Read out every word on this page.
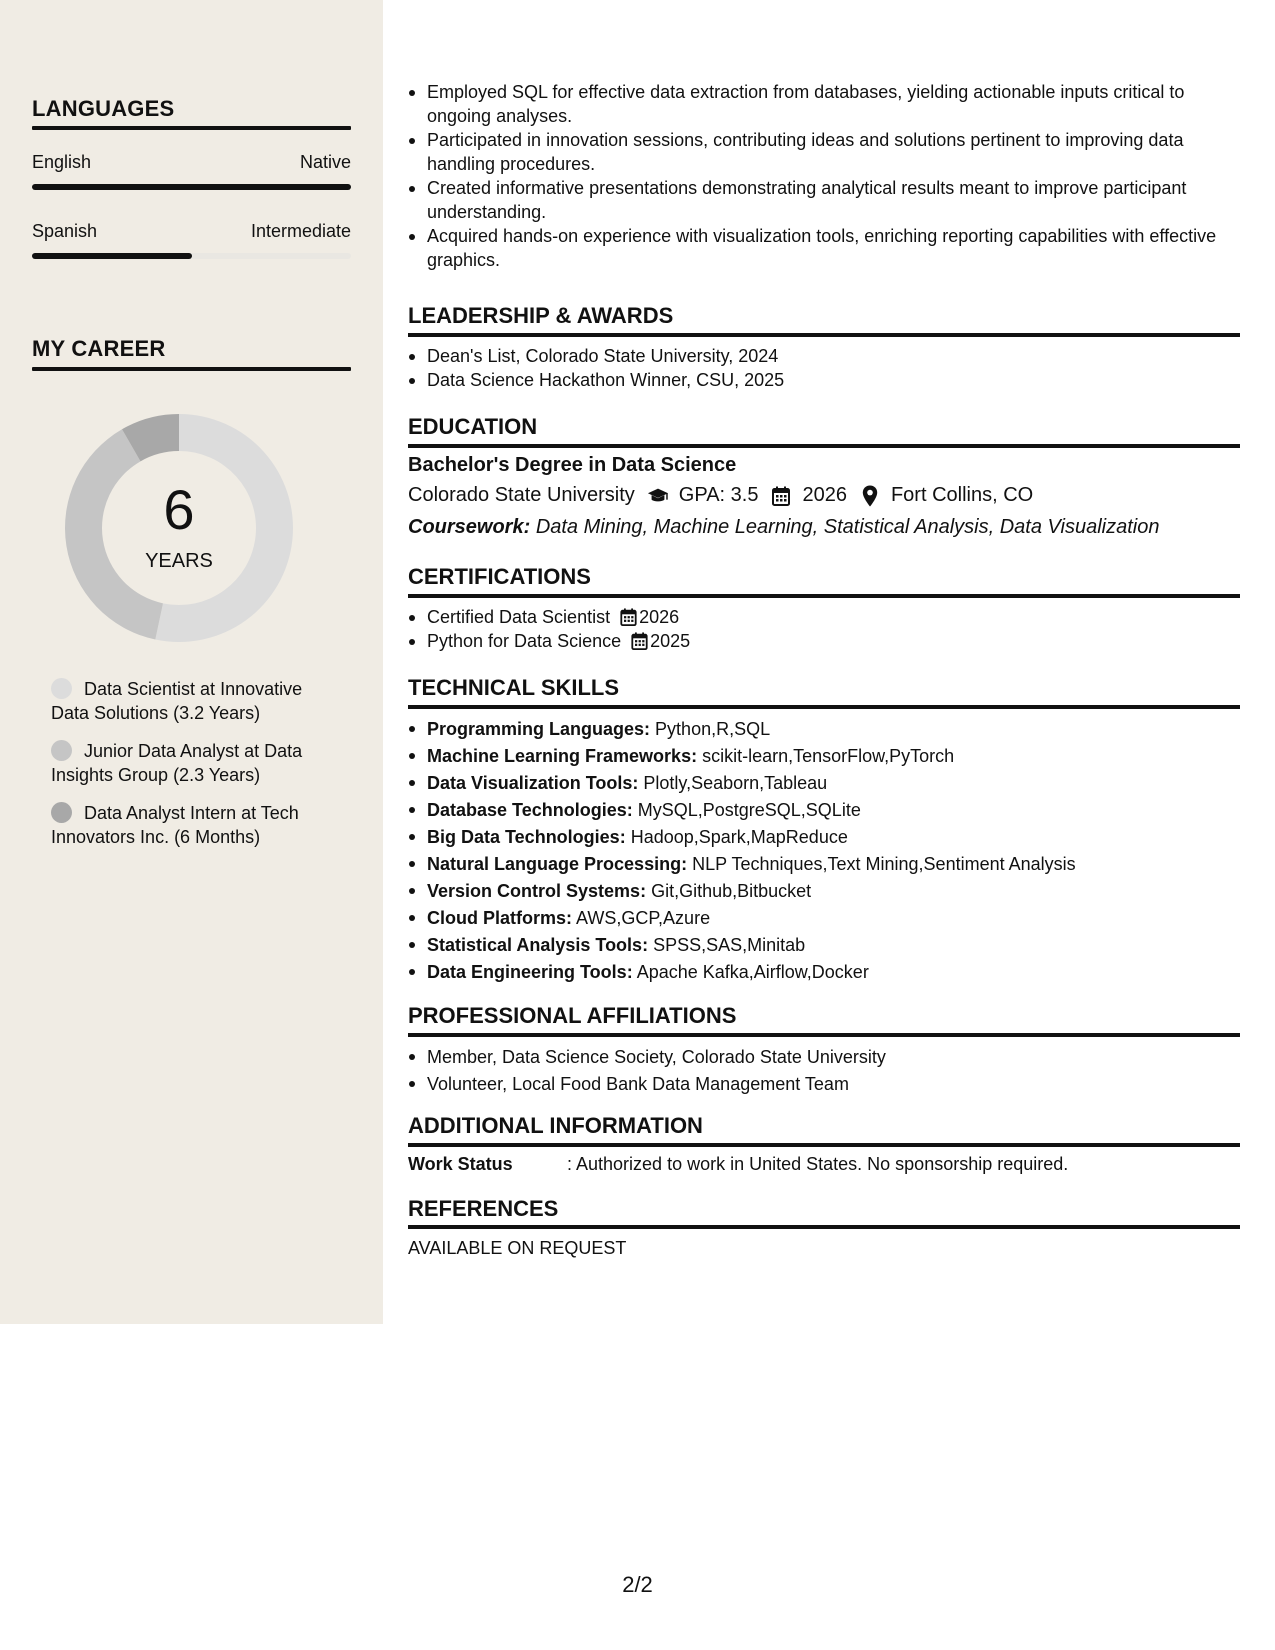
LANGUAGES
English	Native
Spanish	Intermediate
MY CAREER
6
YEARS
Data Scientist at Innovative Data Solutions (3.2 Years)
Junior Data Analyst at Data Insights Group (2.3 Years)
Data Analyst Intern at Tech Innovators Inc. (6 Months)
Employed SQL for effective data extraction from databases, yielding actionable inputs critical to ongoing analyses.
Participated in innovation sessions, contributing ideas and solutions pertinent to improving data handling procedures.
Created informative presentations demonstrating analytical results meant to improve participant understanding.
Acquired hands-on experience with visualization tools, enriching reporting capabilities with effective graphics.
LEADERSHIP & AWARDS
Dean's List, Colorado State University, 2024
Data Science Hackathon Winner, CSU, 2025
EDUCATION
Bachelor's Degree in Data Science
Colorado State University GPA: 3.5 2026 Fort Collins, CO
Coursework: Data Mining, Machine Learning, Statistical Analysis, Data Visualization
CERTIFICATIONS
Certified Data Scientist 2026
Python for Data Science 2025
TECHNICAL SKILLS
Programming Languages: Python,R,SQL
Machine Learning Frameworks: scikit-learn,TensorFlow,PyTorch
Data Visualization Tools: Plotly,Seaborn,Tableau
Database Technologies: MySQL,PostgreSQL,SQLite
Big Data Technologies: Hadoop,Spark,MapReduce
Natural Language Processing: NLP Techniques,Text Mining,Sentiment Analysis
Version Control Systems: Git,Github,Bitbucket
Cloud Platforms: AWS,GCP,Azure
Statistical Analysis Tools: SPSS,SAS,Minitab
Data Engineering Tools: Apache Kafka,Airflow,Docker
PROFESSIONAL AFFILIATIONS
Member, Data Science Society, Colorado State University
Volunteer, Local Food Bank Data Management Team
ADDITIONAL INFORMATION
Work Status	: Authorized to work in United States. No sponsorship required.
REFERENCES
AVAILABLE ON REQUEST
2/2
